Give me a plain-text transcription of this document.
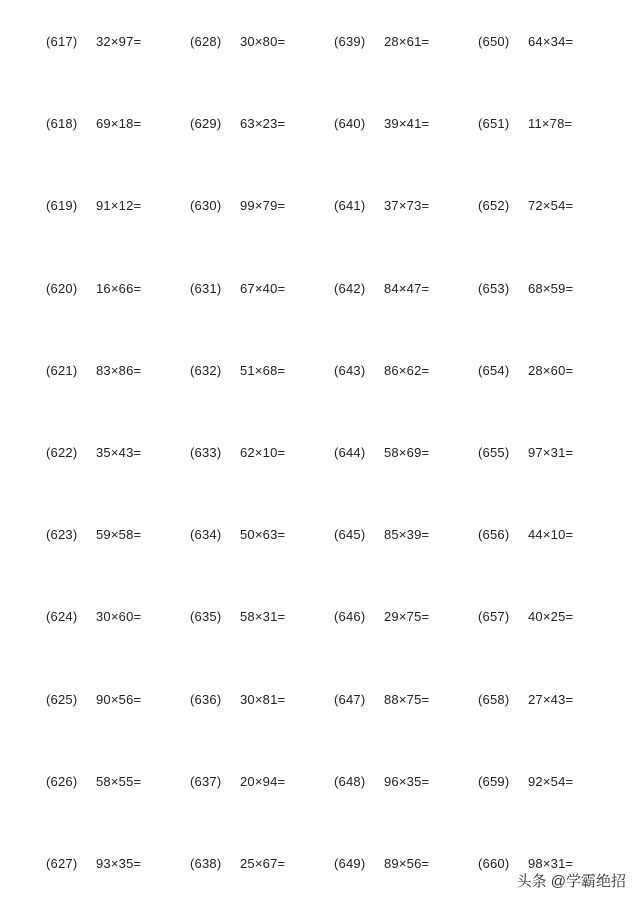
(617) 32×97=
(618) 69×18=
(619) 91×12=
(620) 16×66=
(621) 83×86=
(622) 35×43=
(623) 59×58=
(624) 30×60=
(625) 90×56=
(626) 58×55=
(627) 93×35=
(628) 30×80=
(629) 63×23=
(630) 99×79=
(631) 67×40=
(632) 51×68=
(633) 62×10=
(634) 50×63=
(635) 58×31=
(636) 30×81=
(637) 20×94=
(638) 25×67=
(639) 28×61=
(640) 39×41=
(641) 37×73=
(642) 84×47=
(643) 86×62=
(644) 58×69=
(645) 85×39=
(646) 29×75=
(647) 88×75=
(648) 96×35=
(649) 89×56=
(650) 64×34=
(651) 11×78=
(652) 72×54=
(653) 68×59=
(654) 28×60=
(655) 97×31=
(656) 44×10=
(657) 40×25=
(658) 27×43=
(659) 92×54=
(660) 98×31=
头条 @学霸绝招
